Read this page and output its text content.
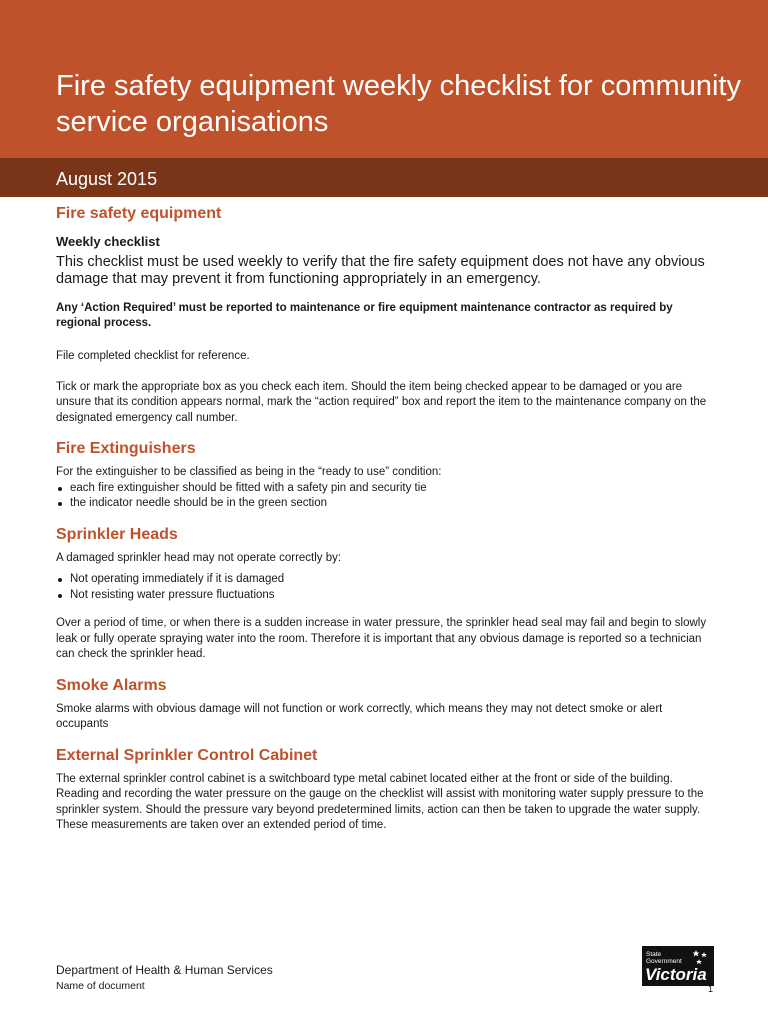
Fire safety equipment weekly checklist for community service organisations
August 2015

Fire safety equipment

Weekly checklist

This checklist must be used weekly to verify that the fire safety equipment does not have any obvious damage that may prevent it from functioning appropriately in an emergency.

Any ‘Action Required’ must be reported to maintenance or fire equipment maintenance contractor as required by regional process.

File completed checklist for reference.

Tick or mark the appropriate box as you check each item. Should the item being checked appear to be damaged or you are unsure that its condition appears normal, mark the “action required” box and report the item to the maintenance company on the designated emergency call number.

Fire Extinguishers

For the extinguisher to be classified as being in the “ready to use” condition:

each fire extinguisher should be fitted with a safety pin and security tie
the indicator needle should be in the green section

Sprinkler Heads

A damaged sprinkler head may not operate correctly by:

Not operating immediately if it is damaged
Not resisting water pressure fluctuations

Over a period of time, or when there is a sudden increase in water pressure, the sprinkler head seal may fail and begin to slowly leak or fully operate spraying water into the room. Therefore it is important that any obvious damage is reported so a technician can check the sprinkler head.

Smoke Alarms

Smoke alarms with obvious damage will not function or work correctly, which means they may not detect smoke or alert occupants

External Sprinkler Control Cabinet

The external sprinkler control cabinet is a switchboard type metal cabinet located either at the front or side of the building. Reading and recording the water pressure on the gauge on the checklist will assist with monitoring water supply pressure to the sprinkler system. Should the pressure vary beyond predetermined limits, action can then be taken to upgrade the water supply. These measurements are taken over an extended period of time.

Department of Health & Human Services
Name of document
State
Government
Victoria
1
